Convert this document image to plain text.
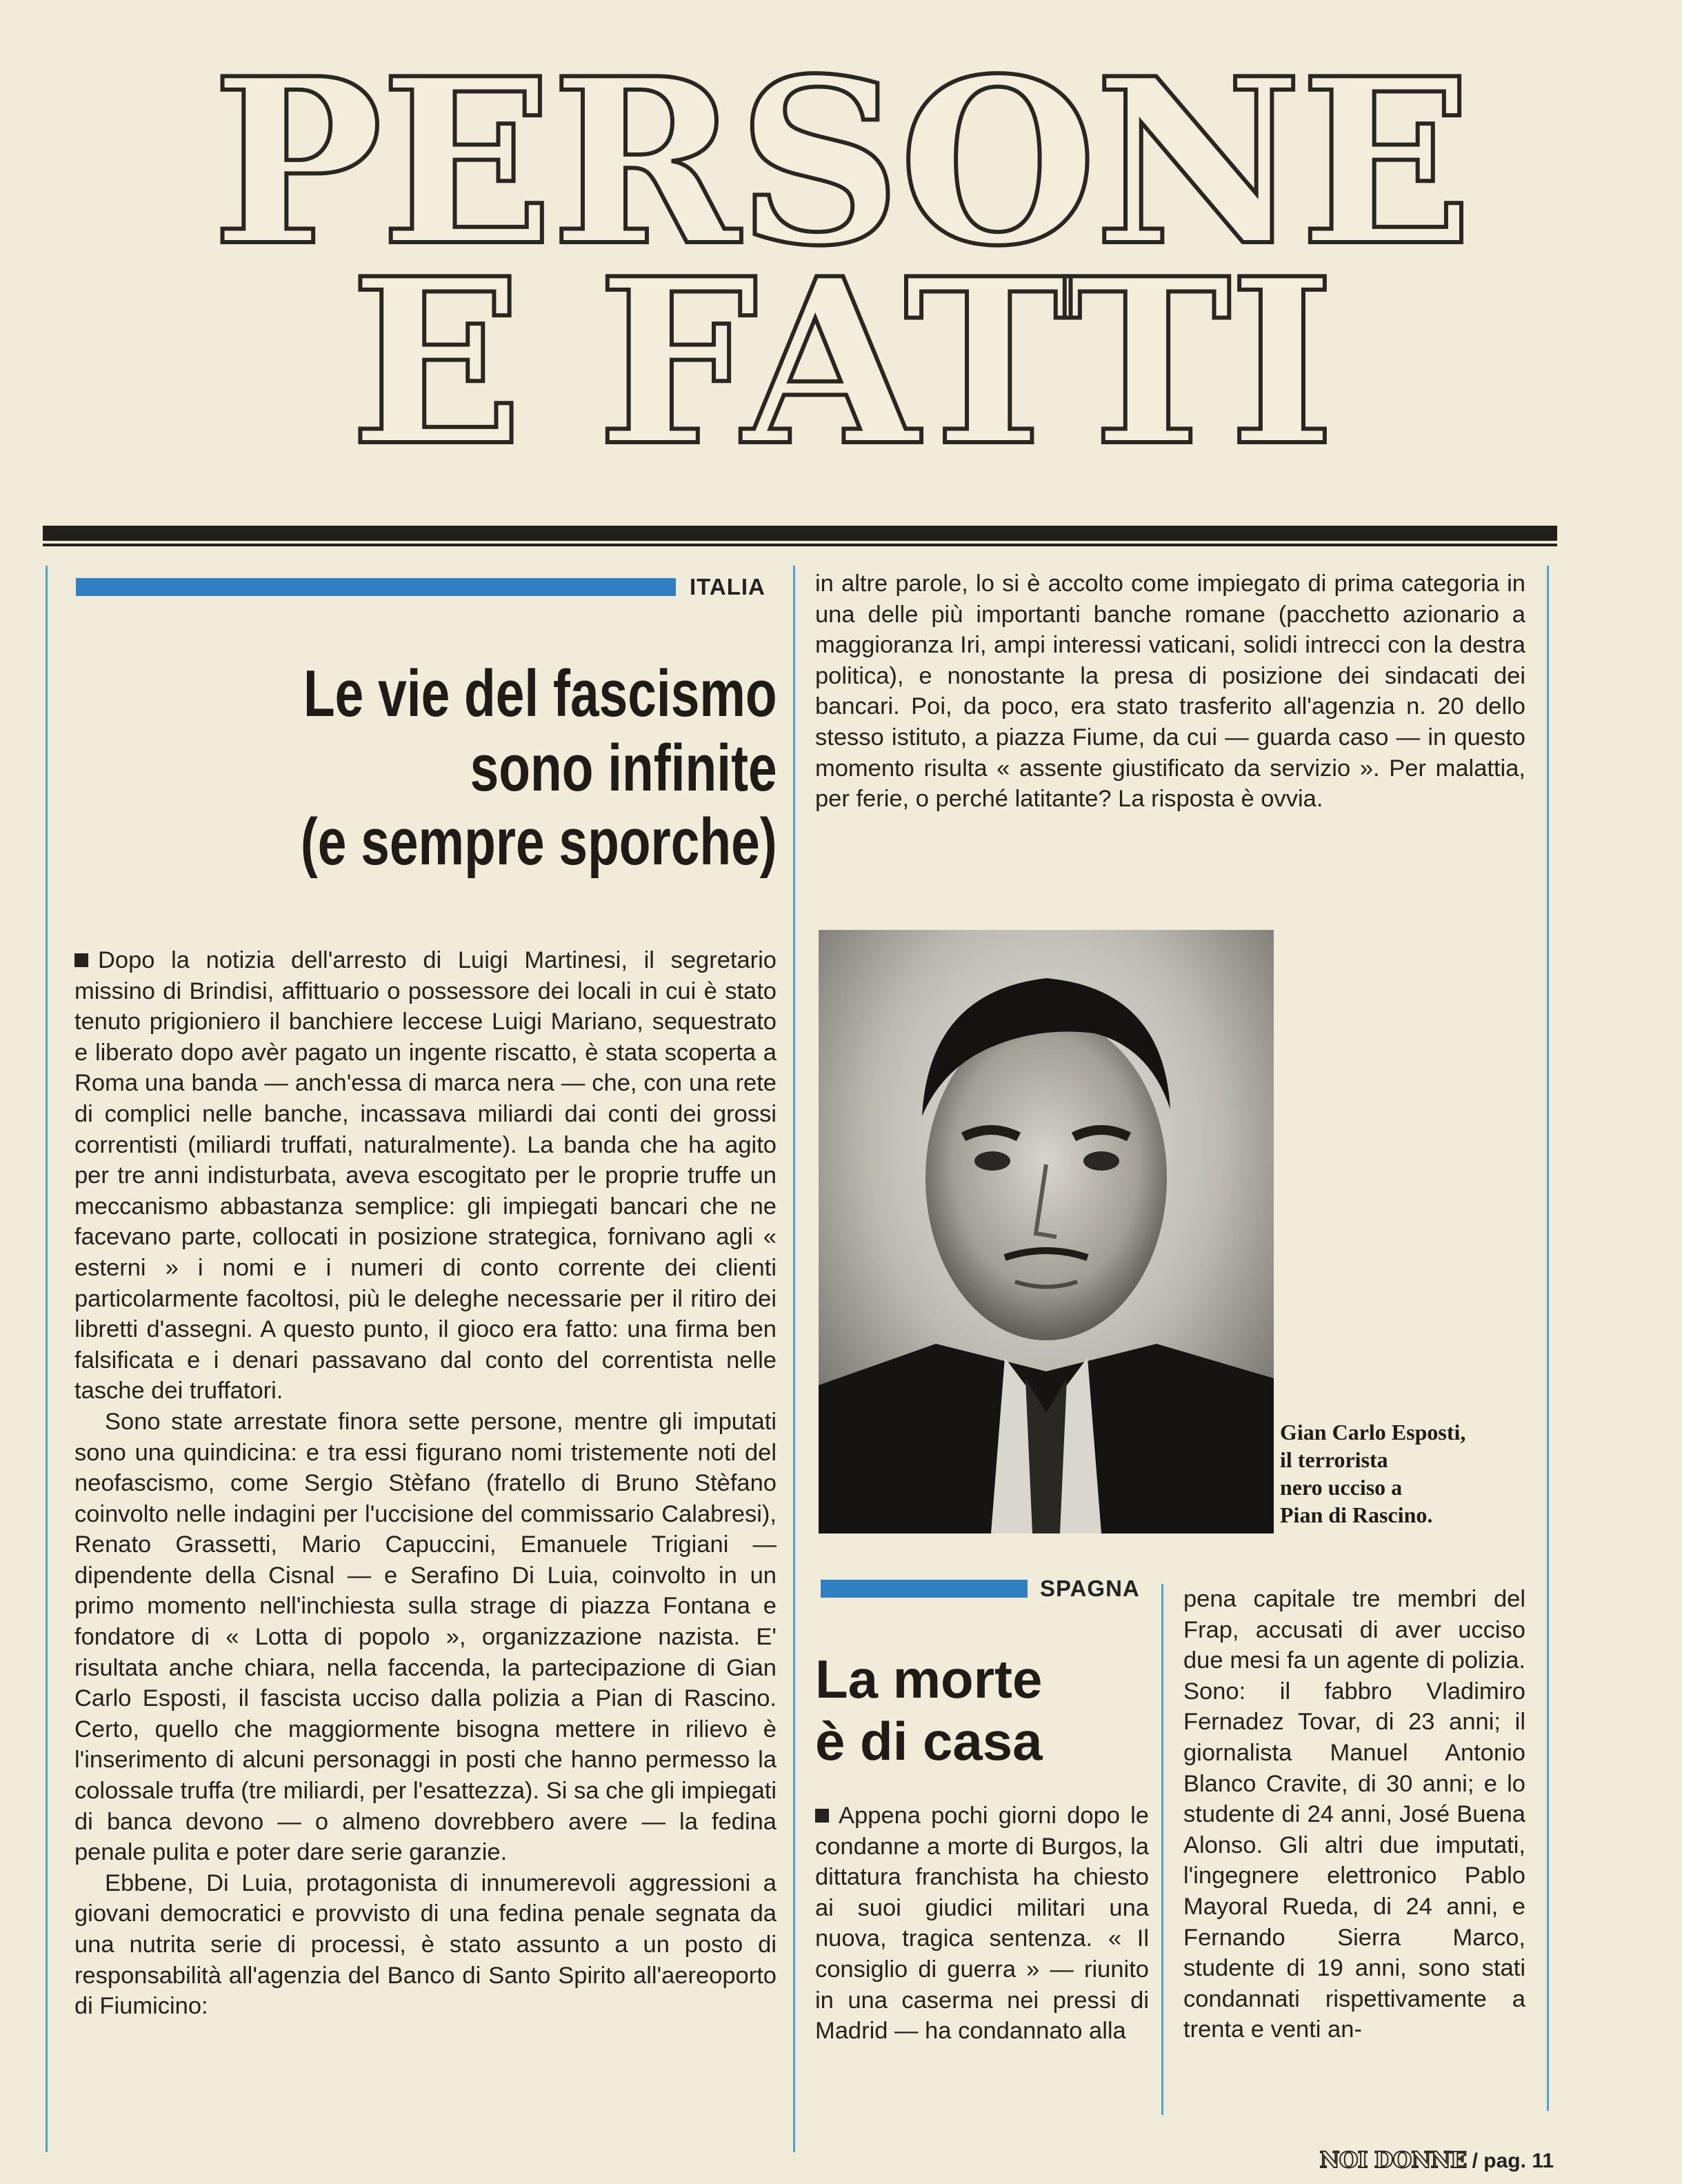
PERSONE
E FATTI
ITALIA
Le vie del fascismo
sono infinite
(e sempre sporche)

Dopo la notizia dell'arresto di Luigi Martinesi, il segretario missino di Brindisi, affittuario o possessore dei locali in cui è stato tenuto prigioniero il banchiere leccese Luigi Mariano, sequestrato e liberato dopo avèr pagato un ingente riscatto, è stata scoperta a Roma una banda — anch'essa di marca nera — che, con una rete di complici nelle banche, incassava miliardi dai conti dei grossi correntisti (miliardi truffati, naturalmente). La banda che ha agito per tre anni indisturbata, aveva escogitato per le proprie truffe un meccanismo abbastanza semplice: gli impiegati bancari che ne facevano parte, collocati in posizione strategica, fornivano agli « esterni » i nomi e i numeri di conto corrente dei clienti particolarmente facoltosi, più le deleghe necessarie per il ritiro dei libretti d'assegni. A questo punto, il gioco era fatto: una firma ben falsificata e i denari passavano dal conto del correntista nelle tasche dei truffatori.

Sono state arrestate finora sette persone, mentre gli imputati sono una quindicina: e tra essi figurano nomi tristemente noti del neofascismo, come Sergio Stèfano (fratello di Bruno Stèfano coinvolto nelle indagini per l'uccisione del commissario Calabresi), Renato Grassetti, Mario Capuccini, Emanuele Trigiani — dipendente della Cisnal — e Serafino Di Luia, coinvolto in un primo momento nell'inchiesta sulla strage di piazza Fontana e fondatore di « Lotta di popolo », organizzazione nazista. E' risultata anche chiara, nella faccenda, la partecipazione di Gian Carlo Esposti, il fascista ucciso dalla polizia a Pian di Rascino. Certo, quello che maggiormente bisogna mettere in rilievo è l'inserimento di alcuni personaggi in posti che hanno permesso la colossale truffa (tre miliardi, per l'esattezza). Si sa che gli impiegati di banca devono — o almeno dovrebbero avere — la fedina penale pulita e poter dare serie garanzie.

Ebbene, Di Luia, protagonista di innumerevoli aggressioni a giovani democratici e provvisto di una fedina penale segnata da una nutrita serie di processi, è stato assunto a un posto di responsabilità all'agenzia del Banco di Santo Spirito all'aereoporto di Fiumicino:

in altre parole, lo si è accolto come impiegato di prima categoria in una delle più importanti banche romane (pacchetto azionario a maggioranza Iri, ampi interessi vaticani, solidi intrecci con la destra politica), e nonostante la presa di posizione dei sindacati dei bancari. Poi, da poco, era stato trasferito all'agenzia n. 20 dello stesso istituto, a piazza Fiume, da cui — guarda caso — in questo momento risulta « assente giustificato da servizio ». Per malattia, per ferie, o perché latitante? La risposta è ovvia.

Gian Carlo Esposti,
il terrorista
nero ucciso a
Pian di Rascino.
SPAGNA
La morte
è di casa

Appena pochi giorni dopo le condanne a morte di Burgos, la dittatura franchista ha chiesto ai suoi giudici militari una nuova, tragica sentenza. « Il consiglio di guerra » — riunito in una caserma nei pressi di Madrid — ha condannato alla

pena capitale tre membri del Frap, accusati di aver ucciso due mesi fa un agente di polizia. Sono: il fabbro Vladimiro Fernadez Tovar, di 23 anni; il giornalista Manuel Antonio Blanco Cravite, di 30 anni; e lo studente di 24 anni, José Buena Alonso. Gli altri due imputati, l'ingegnere elettronico Pablo Mayoral Rueda, di 24 anni, e Fernando Sierra Marco, studente di 19 anni, sono stati condannati rispettivamente a trenta e venti an-

NOI DONNE / pag. 11
